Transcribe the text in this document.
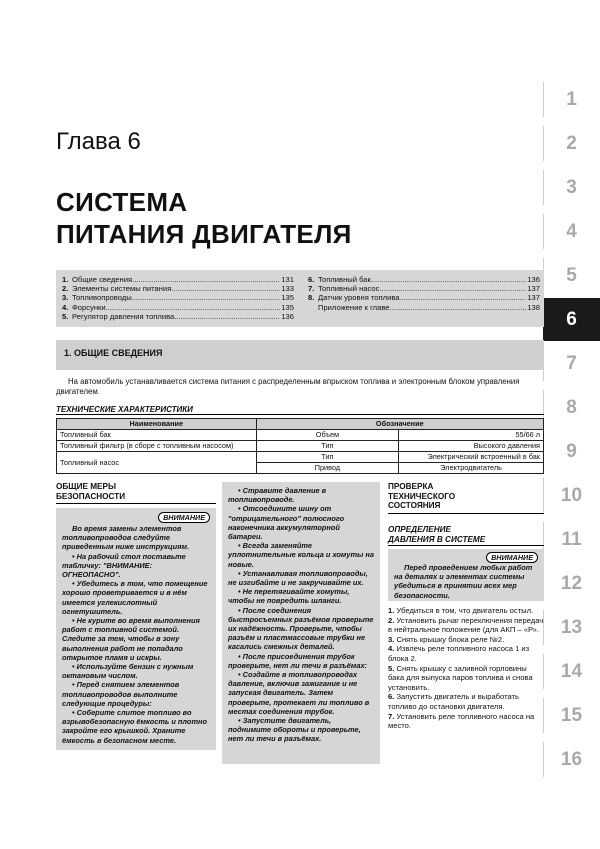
1
2
3
4
5
6
7
8
9
10
11
12
13
14
15
16
Глава 6
СИСТЕМА
ПИТАНИЯ ДВИГАТЕЛЯ
1. Общие сведения .....	131
2. Элементы системы питания .....	133
3. Топливопроводы .....	135
4. Форсунки .....	135
5. Регулятор давления топлива .....	136
6. Топливный бак .....	136
7. Топливный насос .....	137
8. Датчик уровня топлива .....	137
Приложение к главе .....	138
1. ОБЩИЕ СВЕДЕНИЯ
На автомобиль устанавливается система питания с распределенным впрыском топлива и электронным блоком управления двигателем.
ТЕХНИЧЕСКИЕ ХАРАКТЕРИСТИКИ
Наименование	Обозначение	
Топливный бак	Объем	55/66 л
Топливный фильтр (в сборе с топливным насосом)	Тип	Высокого давления
Топливный насос	Тип	Электрический встроенный в бак
	Привод	Электродвигатель
ОБЩИЕ МЕРЫ
БЕЗОПАСНОСТИ
ВНИМАНИЕ
Во время замены элементов топливопроводов следуйте приведенным ниже инструкциям.
• На рабочий стол поставьте табличку: "ВНИМАНИЕ: ОГНЕОПАСНО".
• Убедитесь в том, что помещение хорошо проветривается и в нём имеется углекислотный огнетушитель.
• Не курите во время выполнения работ с топливной системой. Следите за тем, чтобы в зону выполнения работ не попадало открытое пламя и искры.
• Используйте бензин с нужным октановым числом.
• Перед снятием элементов топливопроводов выполните следующие процедуры:
• Соберите слитое топливо во взрывобезопасную ёмкость и плотно закройте его крышкой. Храните ёмкость в безопасном месте.
• Стравите давление в топливопроводе.
• Отсоедините шину от "отрицательного" полюсного наконечника аккумуляторной батареи.
• Всегда заменяйте уплотнительные кольца и хомуты на новые.
• Устанавливая топливопроводы, не изгибайте и не закручивайте их.
• Не перетягивайте хомуты, чтобы не повредить шланги.
• После соединения быстросъемных разъёмов проверьте их надёжность. Проверьте, чтобы разъём и пластмассовые трубки не касались смежных деталей.
• После присоединения трубок проверьте, нет ли течи в разъёмах:
• Создайте в топливопроводах давление, включив зажигание и не запуская двигатель. Затем проверьте, протекает ли топливо в местах соединения трубок.
• Запустите двигатель, поднимите обороты и проверьте, нет ли течи в разъёмах.
ПРОВЕРКА
ТЕХНИЧЕСКОГО
СОСТОЯНИЯ
ОПРЕДЕЛЕНИЕ
ДАВЛЕНИЯ В СИСТЕМЕ
ВНИМАНИЕ
Перед проведением любых работ на деталях и элементах системы убедиться в принятии всех мер безопасности.

1. Убедиться в том, что двигатель остыл.

2. Установить рычаг переключения передач в нейтральное положение (для АКП – «Р».

3. Снять крышку блока реле №2.

4. Извлечь реле топливного насоса 1 из блока 2.

5. Снять крышку с заливной горловины бака для выпуска паров топлива и снова установить.

6. Запустить двигатель и выработать топливо до остановки двигателя.

7. Установить реле топливного насоса на место.
